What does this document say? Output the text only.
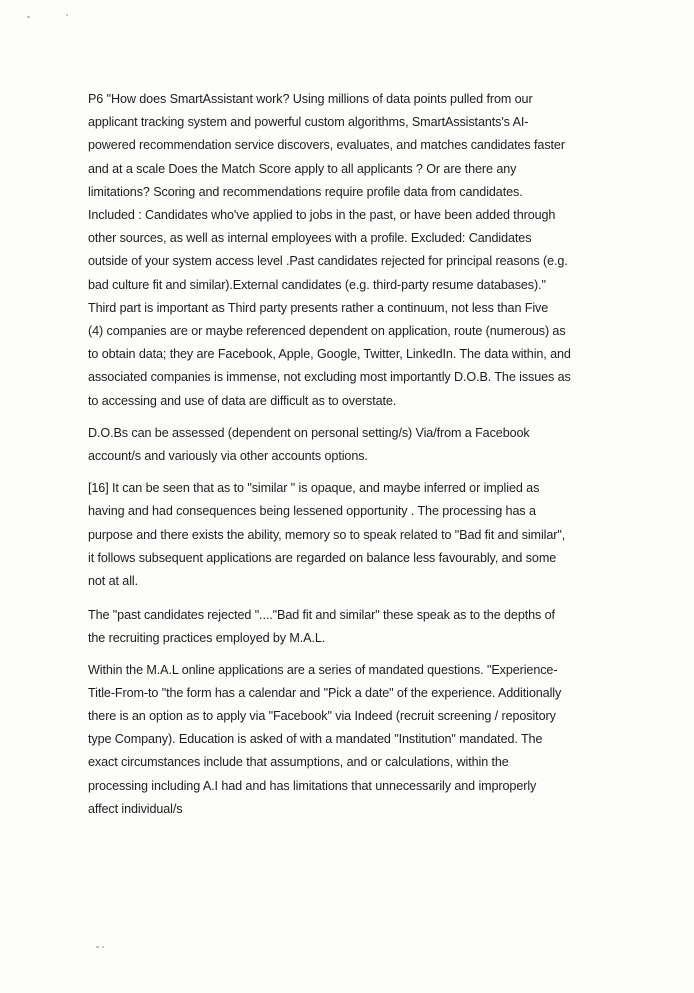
P6 "How does SmartAssistant work? Using millions of data points pulled from our
applicant tracking system and powerful custom algorithms, SmartAssistants's AI-
powered recommendation service discovers, evaluates, and matches candidates faster
and at a scale Does the Match Score apply to all applicants ? Or are there any
limitations? Scoring and recommendations require profile data from candidates.
Included : Candidates who've applied to jobs in the past, or have been added through
other sources, as well as internal employees with a profile. Excluded: Candidates
outside of your system access level .Past candidates rejected for principal reasons (e.g.
bad culture fit and similar).External candidates (e.g. third-party resume databases)."
Third part is important as Third party presents rather a continuum, not less than Five
(4) companies are or maybe referenced dependent on application, route (numerous) as
to obtain data; they are Facebook, Apple, Google, Twitter, LinkedIn. The data within, and
associated companies is immense, not excluding most importantly D.O.B. The issues as
to accessing and use of data are difficult as to overstate.

D.O.Bs can be assessed (dependent on personal setting/s) Via/from a Facebook
account/s and variously via other accounts options.

[16] It can be seen that as to "similar " is opaque, and maybe inferred or implied as
having and had consequences being lessened opportunity . The processing has a
purpose and there exists the ability, memory so to speak related to "Bad fit and similar",
it follows subsequent applications are regarded on balance less favourably, and some
not at all.

The "past candidates rejected "...."Bad fit and similar" these speak as to the depths of
the recruiting practices employed by M.A.L.

Within the M.A.L online applications are a series of mandated questions. "Experience-
Title-From-to "the form has a calendar and "Pick a date" of the experience. Additionally
there is an option as to apply via "Facebook" via Indeed (recruit screening / repository
type Company). Education is asked of with a mandated "Institution" mandated. The
exact circumstances include that assumptions, and or calculations, within the
processing including A.I had and has limitations that unnecessarily and improperly
affect individual/s
